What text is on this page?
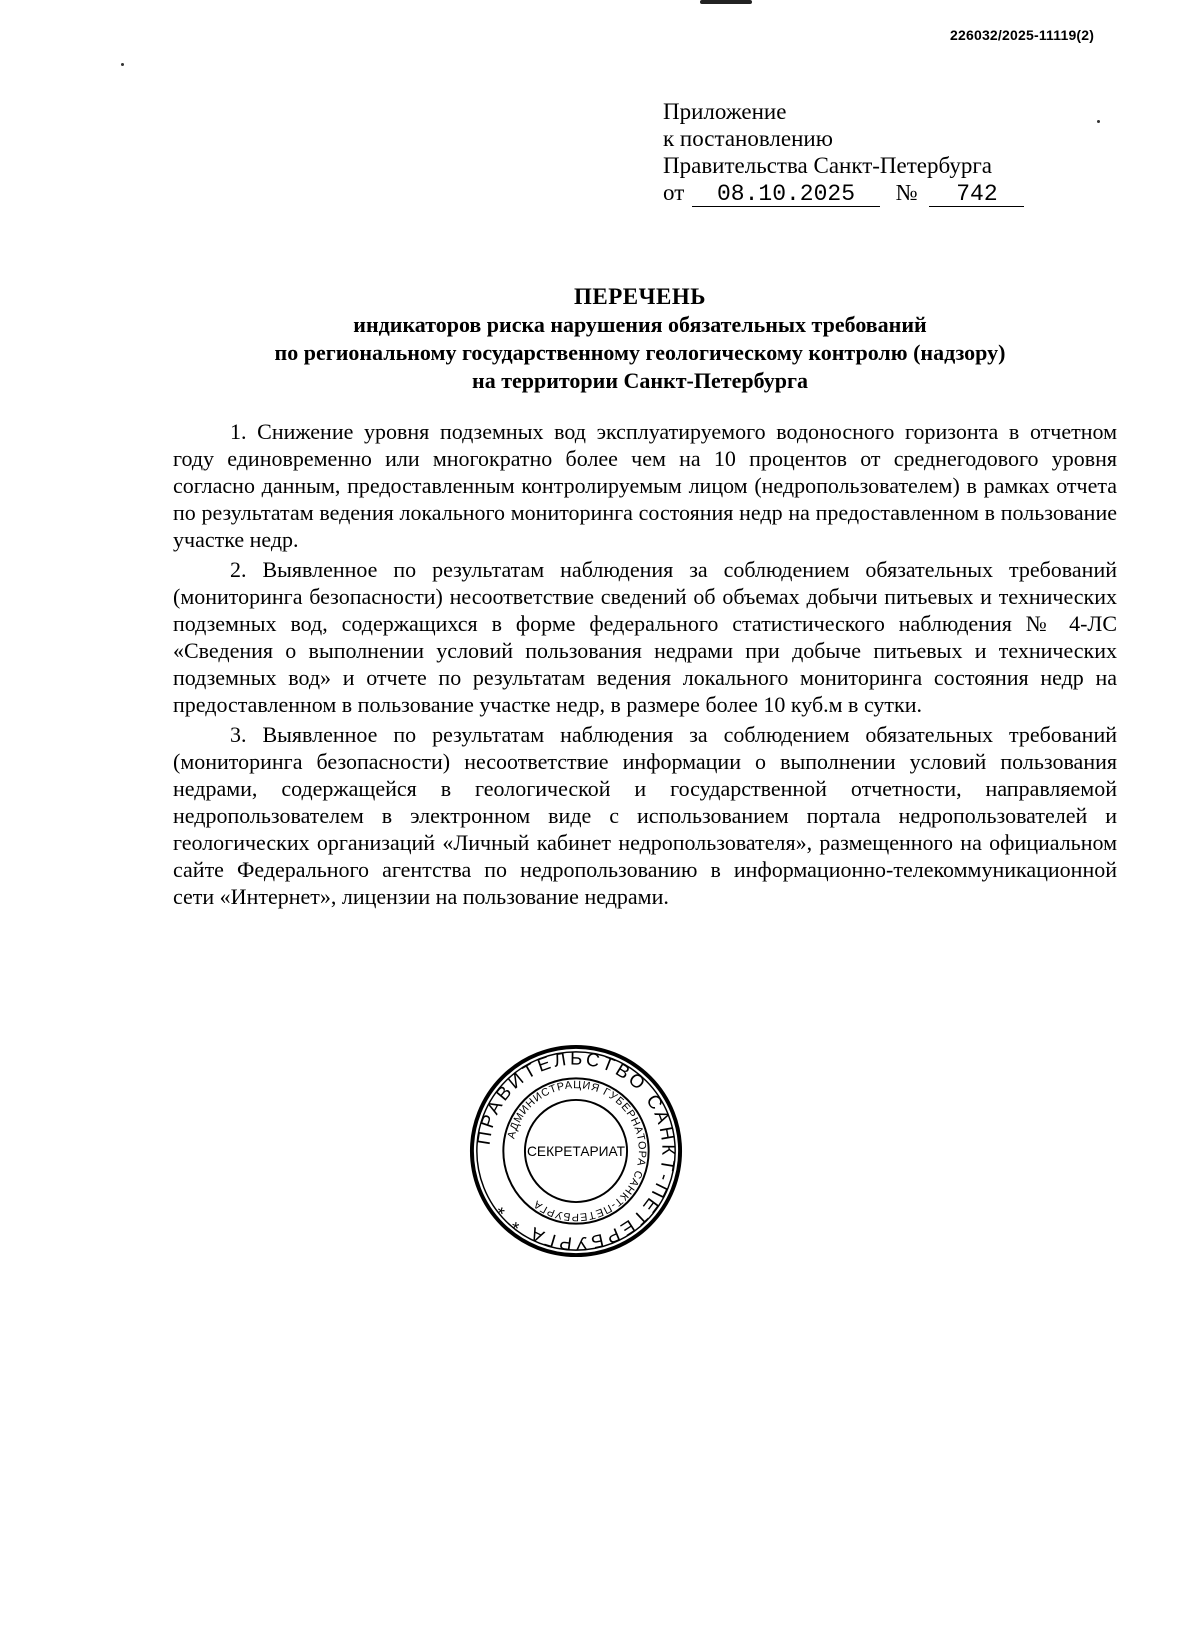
226032/2025-11119(2)
Приложение
к постановлению
Правительства Санкт-Петербурга
от 08.10.2025 № 742
ПЕРЕЧЕНЬ
индикаторов риска нарушения обязательных требований
по региональному государственному геологическому контролю (надзору)
на территории Санкт-Петербурга

1. Снижение уровня подземных вод эксплуатируемого водоносного горизонта в отчетном году единовременно или многократно более чем на 10 процентов от среднегодового уровня согласно данным, предоставленным контролируемым лицом (недропользователем) в рамках отчета по результатам ведения локального мониторинга состояния недр на предоставленном в пользование участке недр.

2. Выявленное по результатам наблюдения за соблюдением обязательных требований (мониторинга безопасности) несоответствие сведений об объемах добычи питьевых и технических подземных вод, содержащихся в форме федерального статистического наблюдения № 4-ЛС «Сведения о выполнении условий пользования недрами при добыче питьевых и технических подземных вод» и отчете по результатам ведения локального мониторинга состояния недр на предоставленном в пользование участке недр, в размере более 10 куб.м в сутки.

3. Выявленное по результатам наблюдения за соблюдением обязательных требований (мониторинга безопасности) несоответствие информации о выполнении условий пользования недрами, содержащейся в геологической и государственной отчетности, направляемой недропользователем в электронном виде с использованием портала недропользователей и геологических организаций «Личный кабинет недропользователя», размещенного на официальном сайте Федерального агентства по недропользованию в информационно-телекоммуникационной сети «Интернет», лицензии на пользование недрами.

ПРАВИТЕЛЬСТВО САНКТ-ПЕТЕРБУРГА * *
АДМИНИСТРАЦИЯ ГУБЕРНАТОРА САНКТ-ПЕТЕРБУРГА
СЕКРЕТАРИАТ
